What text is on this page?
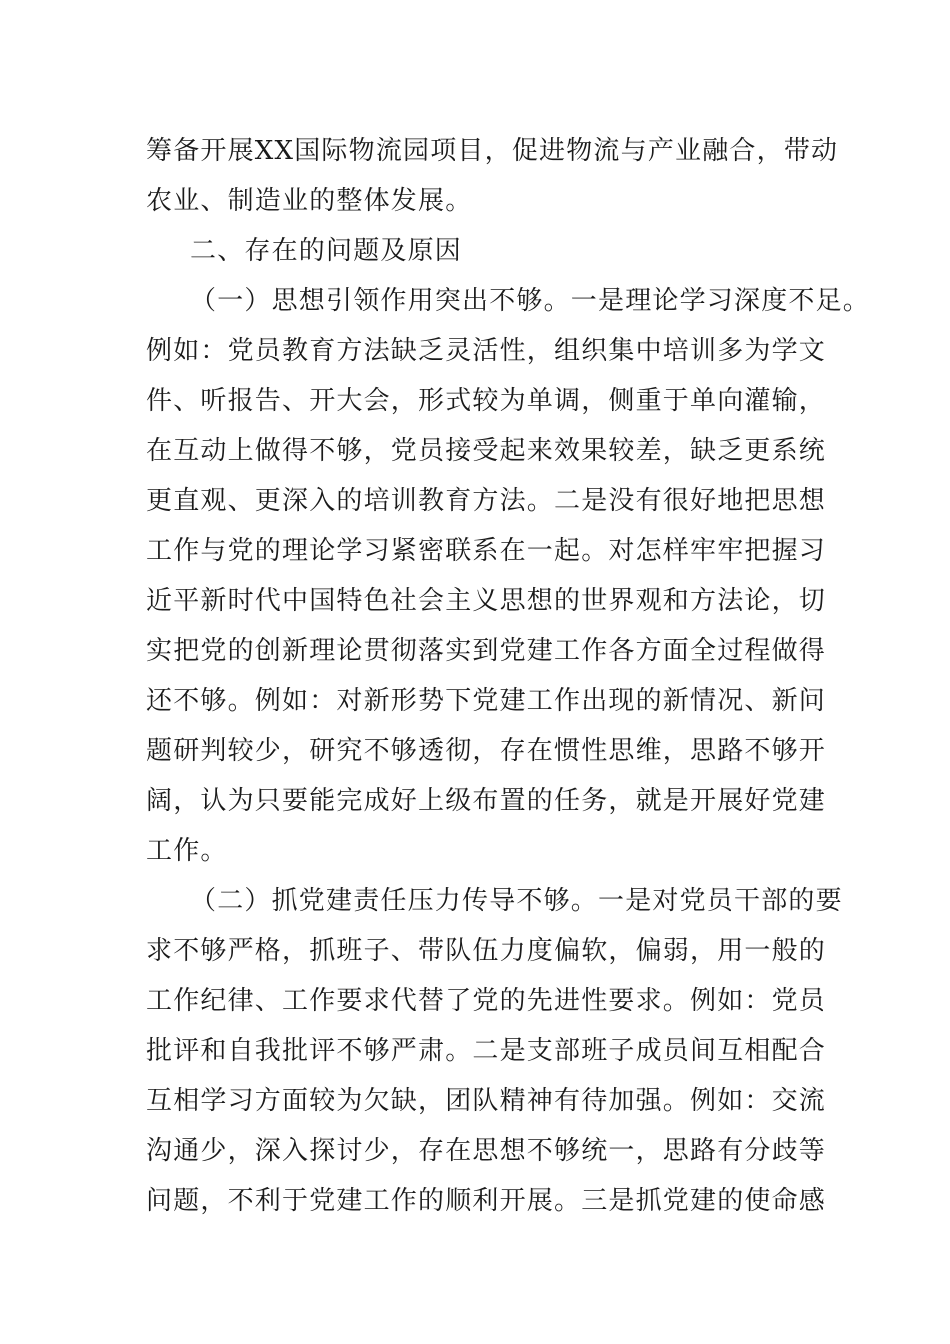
筹备开展XX国际物流园项目，促进物流与产业融合，带动
农业、制造业的整体发展。
二、存在的问题及原因
（一）思想引领作用突出不够。一是理论学习深度不足。
例如：党员教育方法缺乏灵活性，组织集中培训多为学文
件、听报告、开大会，形式较为单调，侧重于单向灌输，
在互动上做得不够，党员接受起来效果较差，缺乏更系统
更直观、更深入的培训教育方法。二是没有很好地把思想
工作与党的理论学习紧密联系在一起。对怎样牢牢把握习
近平新时代中国特色社会主义思想的世界观和方法论，切
实把党的创新理论贯彻落实到党建工作各方面全过程做得
还不够。例如：对新形势下党建工作出现的新情况、新问
题研判较少，研究不够透彻，存在惯性思维，思路不够开
阔，认为只要能完成好上级布置的任务，就是开展好党建
工作。
（二）抓党建责任压力传导不够。一是对党员干部的要
求不够严格，抓班子、带队伍力度偏软，偏弱，用一般的
工作纪律、工作要求代替了党的先进性要求。例如：党员
批评和自我批评不够严肃。二是支部班子成员间互相配合
互相学习方面较为欠缺，团队精神有待加强。例如：交流
沟通少，深入探讨少，存在思想不够统一，思路有分歧等
问题，不利于党建工作的顺利开展。三是抓党建的使命感
